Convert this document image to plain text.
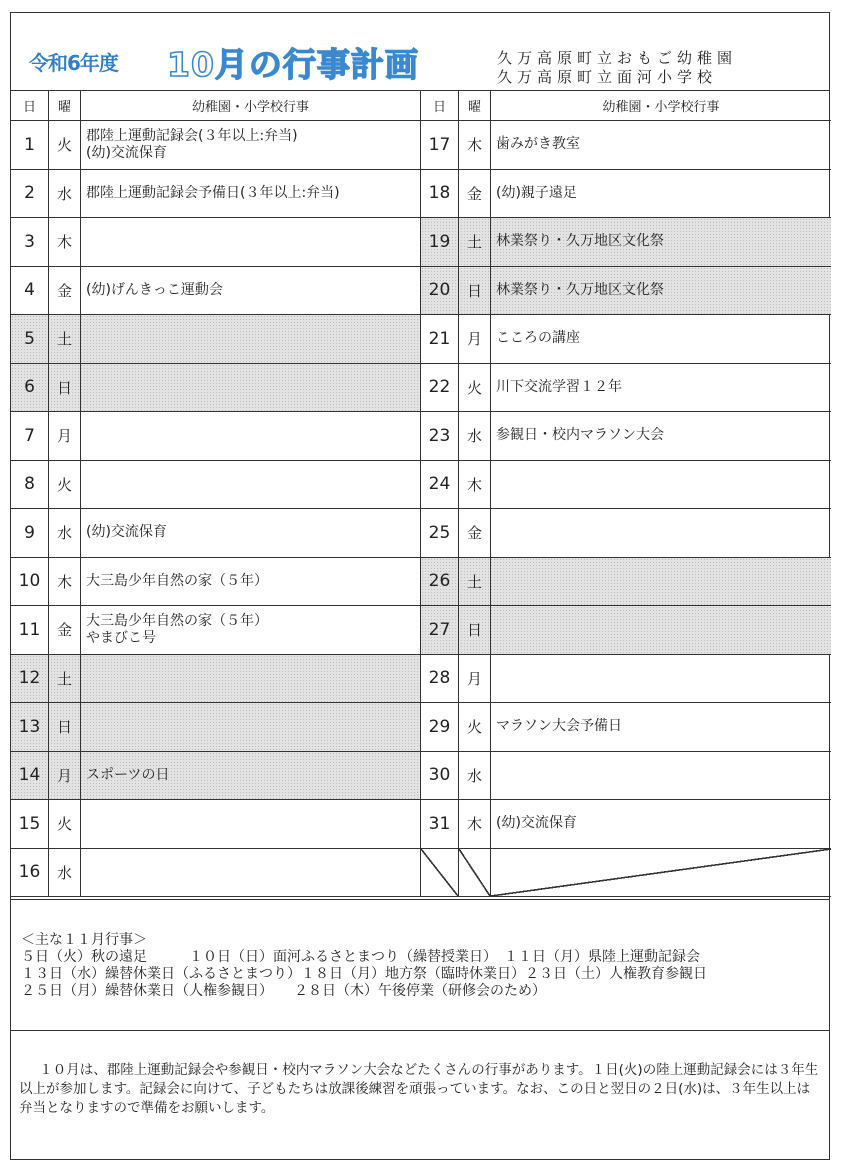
令和6年度 10月の行事計画	久万高原町立おもご幼稚園
久万高原町立面河小学校
日	曜	幼稚園・小学校行事
1	火
郡陸上運動記録会(３年以上:弁当)
(幼)交流保育
2	水	郡陸上運動記録会予備日(３年以上:弁当)
3	木
4	金	(幼)げんきっこ運動会
5	土
6	日
7	月
8	火
9	水	(幼)交流保育
10	木	大三島少年自然の家（５年）
11	金
大三島少年自然の家（５年）
やまびこ号
12	土
13	日
14	月	スポーツの日
15	火
16	水
日	曜	幼稚園・小学校行事
17	木	歯みがき教室
18	金	(幼)親子遠足
19	土	林業祭り・久万地区文化祭
20	日	林業祭り・久万地区文化祭
21	月	こころの講座
22	火	川下交流学習１２年
23	水	参観日・校内マラソン大会
24	木
25	金
26	土
27	日
28	月
29	火	マラソン大会予備日
30	水
31	木	(幼)交流保育
＜主な１１月行事＞
５日（火）秋の遠足　　　１０日（日）面河ふるさとまつり（繰替授業日）　１１日（月）県陸上運動記録会
１３日（水）繰替休業日（ふるさとまつり）１８日（月）地方祭（臨時休業日）２３日（土）人権教育参観日
２５日（月）繰替休業日（人権参観日）　　２８日（木）午後停業（研修会のため）
１０月は、郡陸上運動記録会や参観日・校内マラソン大会などたくさんの行事があります。１日(火)の陸上運動記録会には３年生以上が参加します。記録会に向けて、子どもたちは放課後練習を頑張っています。なお、この日と翌日の２日(水)は、３年生以上は弁当となりますので準備をお願いします。
